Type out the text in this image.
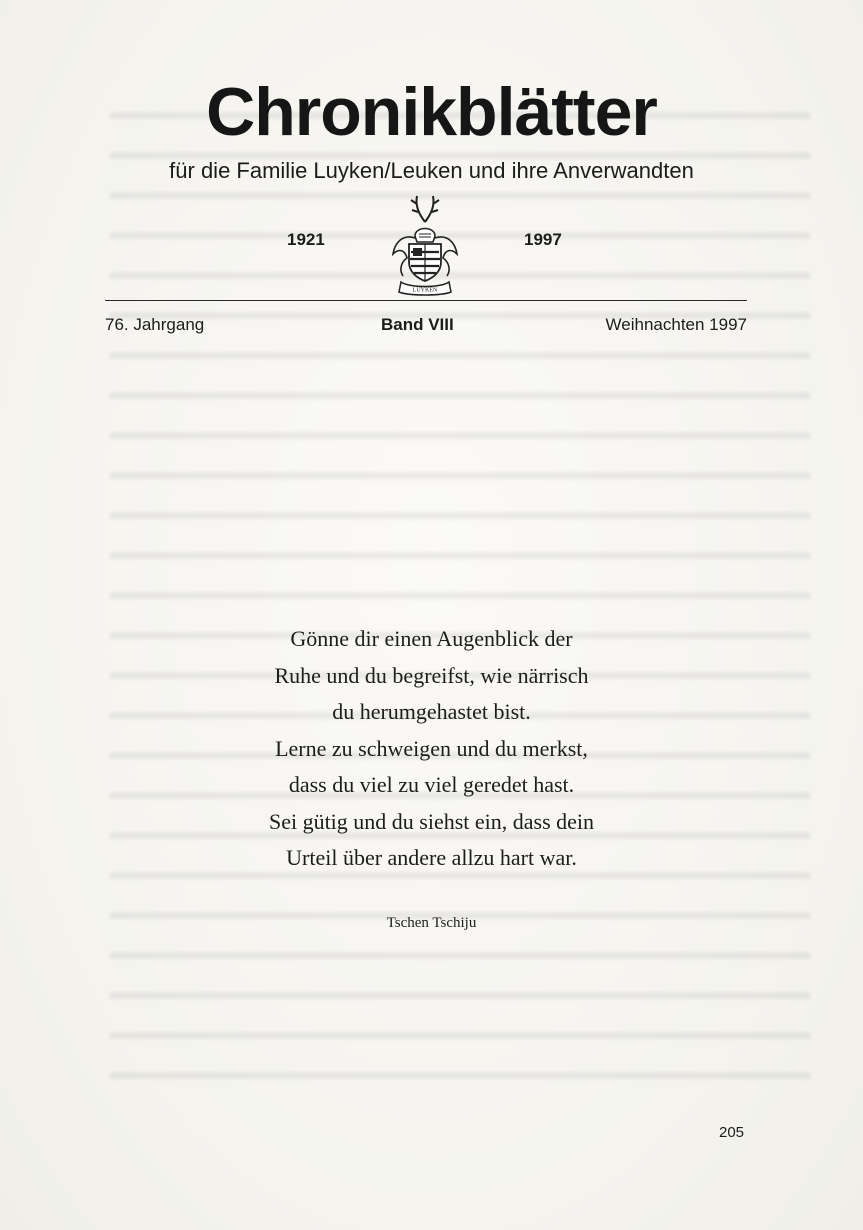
Chronikblätter
für die Familie Luyken/Leuken und ihre Anverwandten
1921
LUYKEN
1997
76. Jahrgang	Band VIII	Weihnachten 1997
Gönne dir einen Augenblick der
Ruhe und du begreifst, wie närrisch
du herumgehastet bist.
Lerne zu schweigen und du merkst,
dass du viel zu viel geredet hast.
Sei gütig und du siehst ein, dass dein
Urteil über andere allzu hart war.
Tschen Tschiju
205
